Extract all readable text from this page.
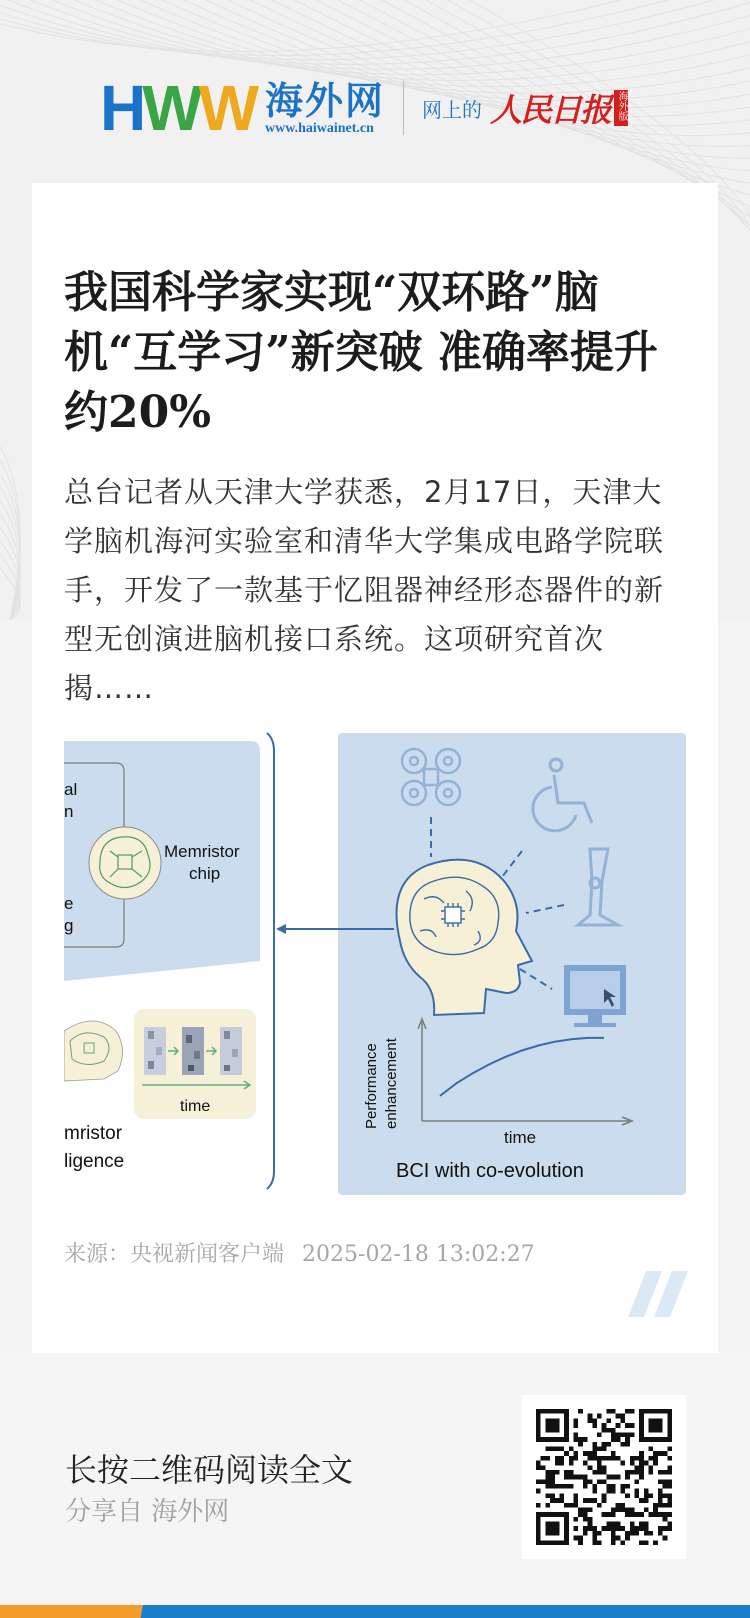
H W W 海外网
www.haiwainet.cn
网上的 人民日报 海外版
我国科学家实现“双环路”脑机“互学习”新突破 准确率提升约20%

总台记者从天津大学获悉，2月17日，天津大学脑机海河实验室和清华大学集成电路学院联手，开发了一款基于忆阻器神经形态器件的新型无创演进脑机接口系统。这项研究首次揭……

al
n
e
g
Memristor
chip
time
mristor
ligence
Performance enhancement
time
BCI with co-evolution
来源：央视新闻客户端 2025-02-18 13:02:27
长按二维码阅读全文
分享自 海外网
